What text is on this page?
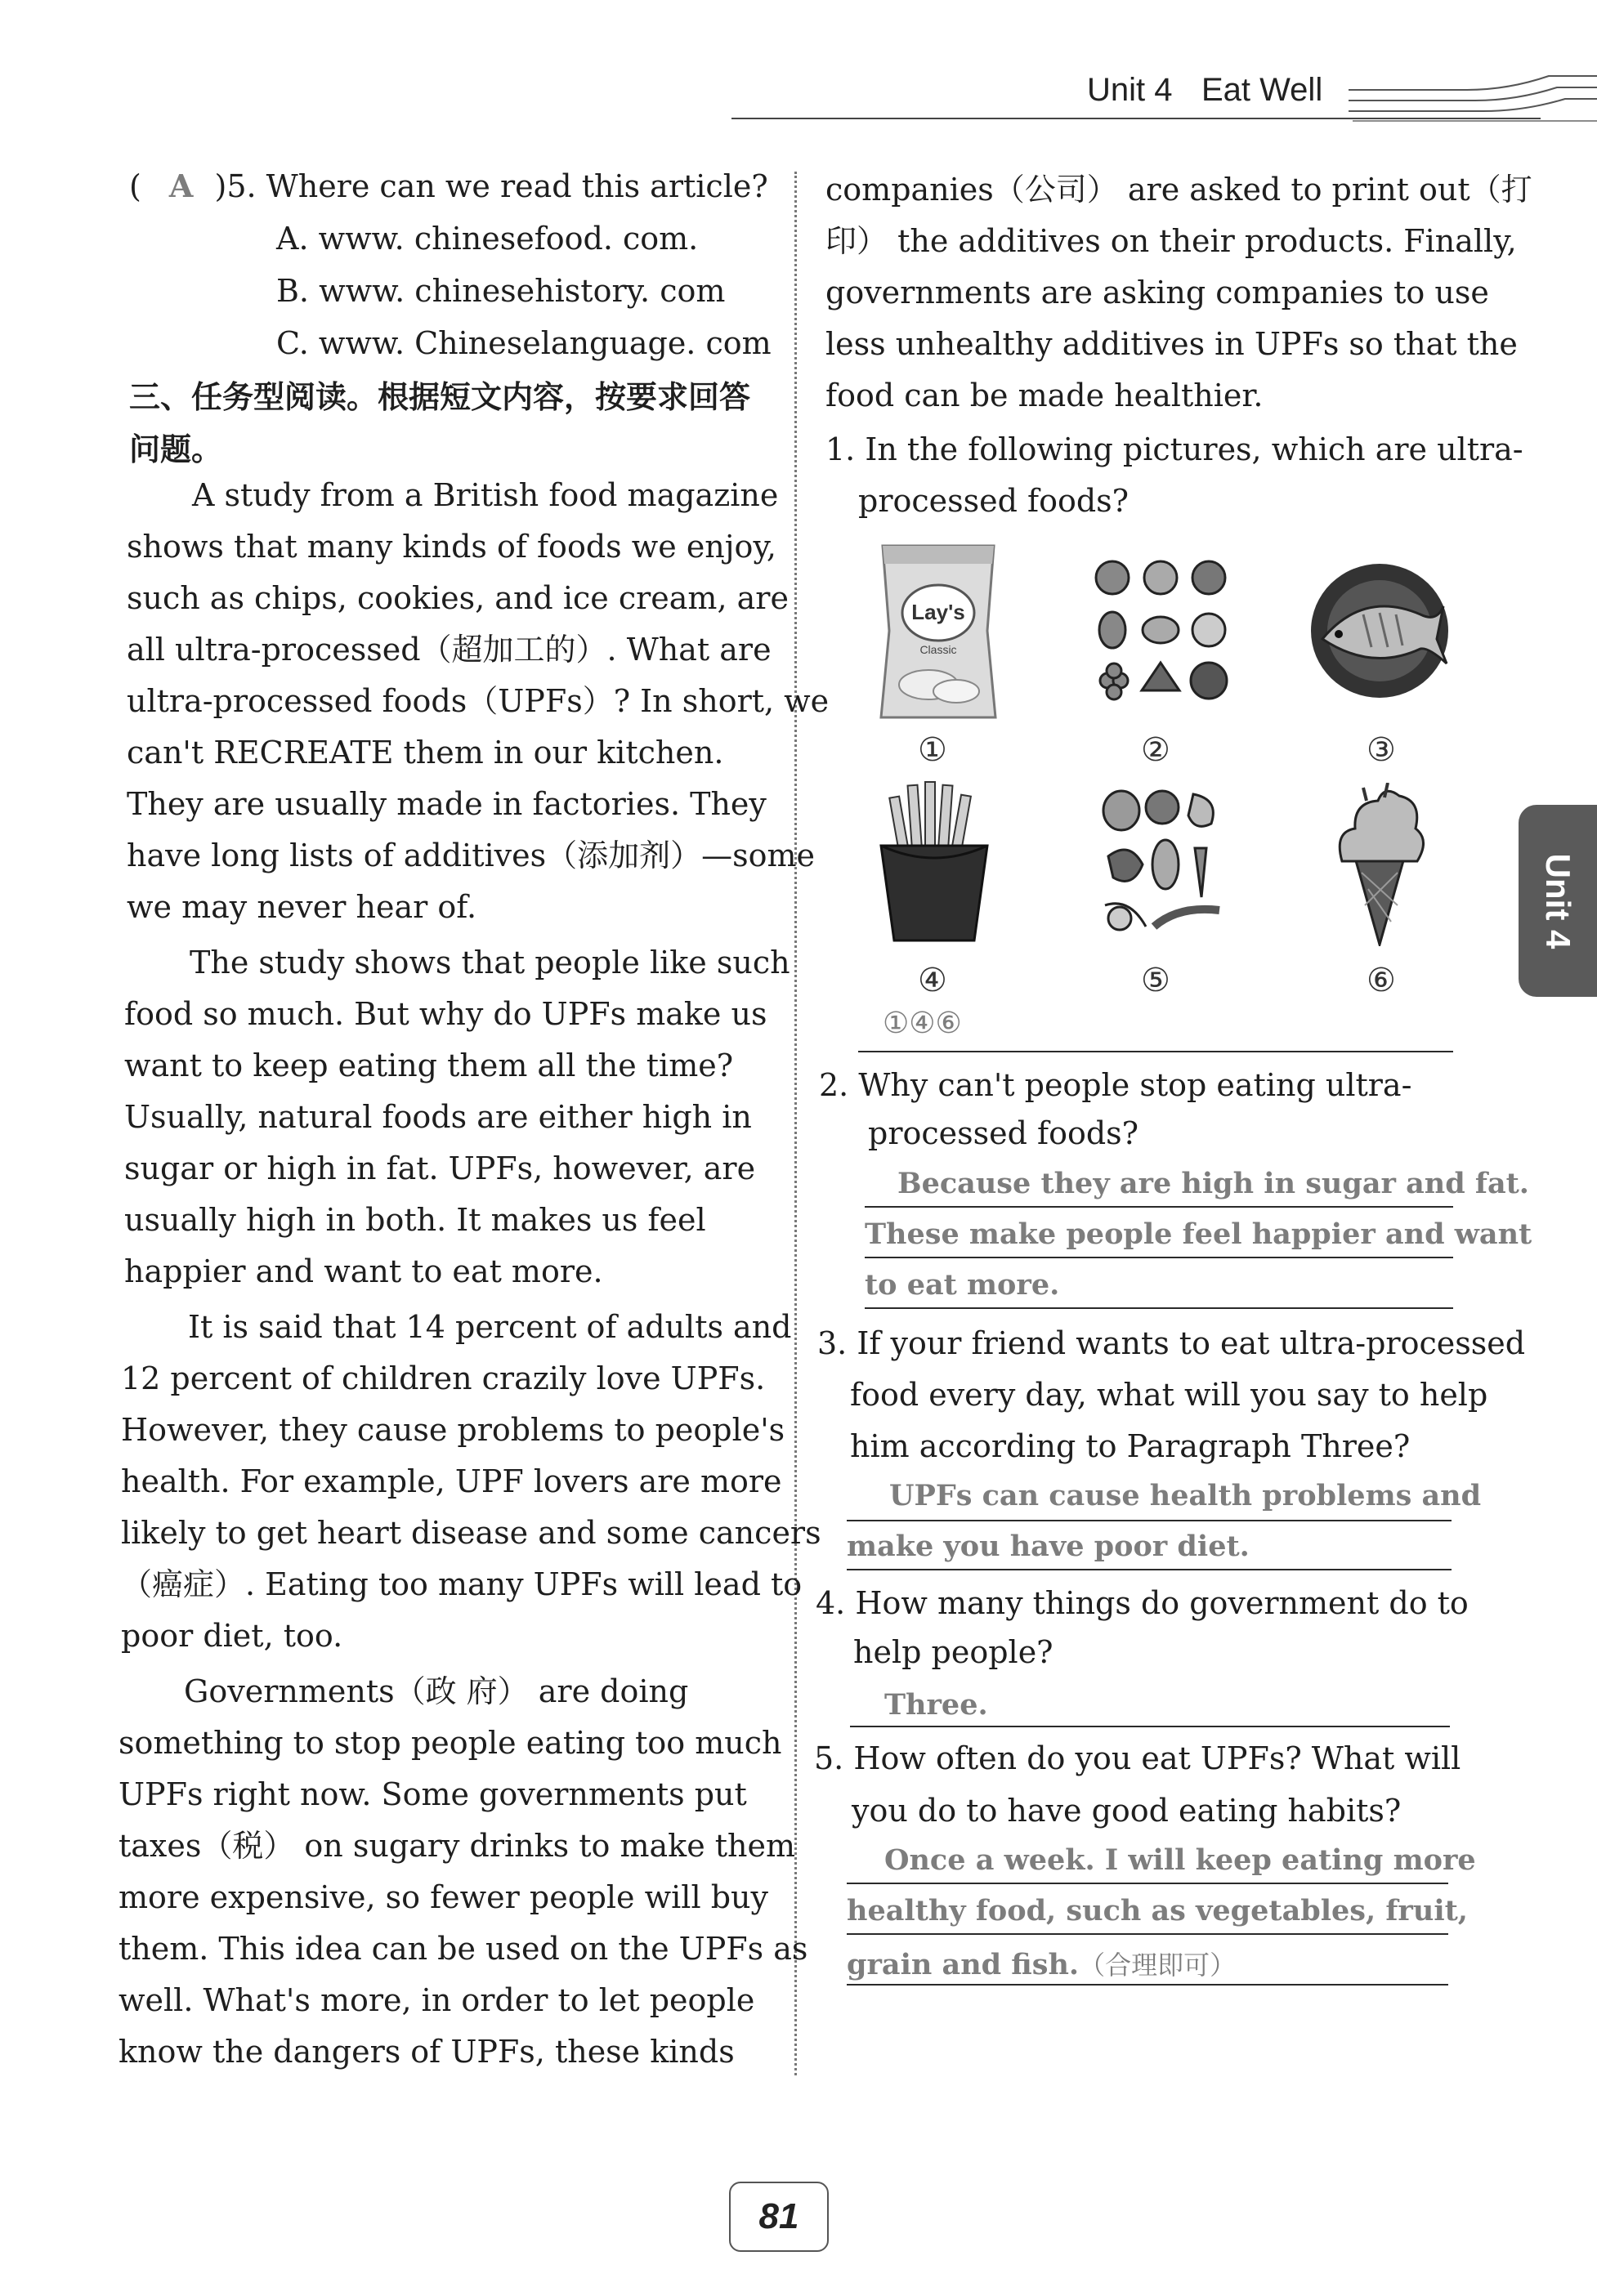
Unit 4 Eat Well
Unit 4
( A )5. Where can we read this article?
A. www. chinesefood. com.
B. www. chinesehistory. com
C. www. Chineselanguage. com
三、任务型阅读。根据短文内容，按要求回答
问题。
A study from a British food magazine
shows that many kinds of foods we enjoy,
such as chips, cookies, and ice cream, are
all ultra-processed（超加工的）. What are
ultra-processed foods（UPFs）? In short, we
can't RECREATE them in our kitchen.
They are usually made in factories. They
have long lists of additives（添加剂）—some
we may never hear of.
The study shows that people like such
food so much. But why do UPFs make us
want to keep eating them all the time?
Usually, natural foods are either high in
sugar or high in fat. UPFs, however, are
usually high in both. It makes us feel
happier and want to eat more.
It is said that 14 percent of adults and
12 percent of children crazily love UPFs.
However, they cause problems to people's
health. For example, UPF lovers are more
likely to get heart disease and some cancers
（癌症）. Eating too many UPFs will lead to
poor diet, too.
Governments（政 府） are doing
something to stop people eating too much
UPFs right now. Some governments put
taxes（税） on sugary drinks to make them
more expensive, so fewer people will buy
them. This idea can be used on the UPFs as
well. What's more, in order to let people
know the dangers of UPFs, these kinds
companies（公司） are asked to print out（打
印） the additives on their products. Finally,
governments are asking companies to use
less unhealthy additives in UPFs so that the
food can be made healthier.
1. In the following pictures, which are ultra-
processed foods?
Lay's
Classic
①	②	③
④	⑤	⑥
①④⑥
2. Why can't people stop eating ultra-
processed foods?
Because they are high in sugar and fat.
These make people feel happier and want
to eat more.
3. If your friend wants to eat ultra-processed
food every day, what will you say to help
him according to Paragraph Three?
UPFs can cause health problems and
make you have poor diet.
4. How many things do government do to
help people?
Three.
5. How often do you eat UPFs? What will
you do to have good eating habits?
Once a week. I will keep eating more
healthy food, such as vegetables, fruit,
grain and fish.（合理即可）
81
